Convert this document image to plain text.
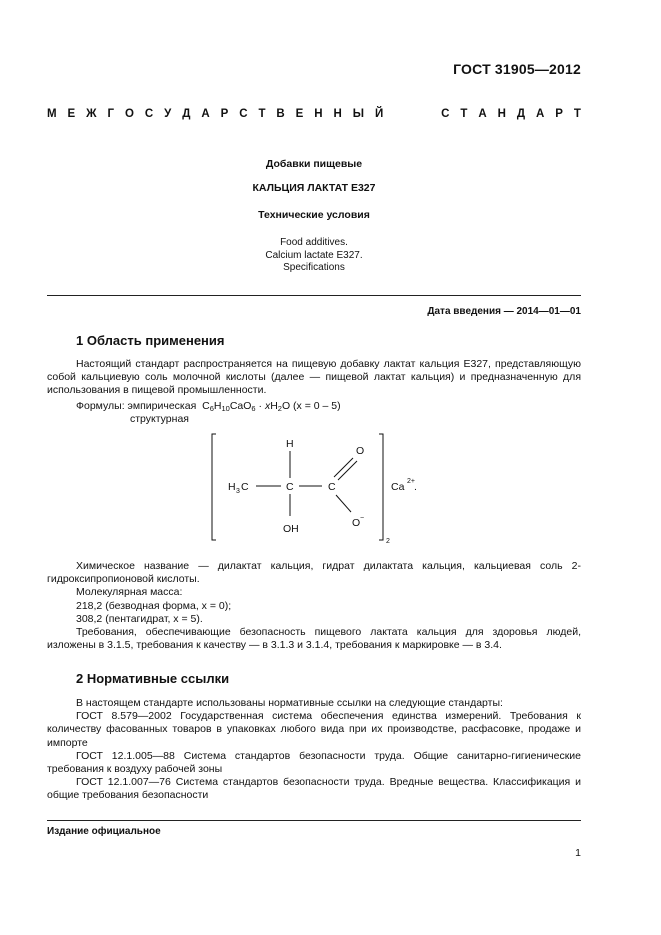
ГОСТ 31905—2012
М Е Ж Г О С У Д А Р С Т В Е Н Н Ы Й	С Т А Н Д А Р Т
Добавки пищевые
КАЛЬЦИЯ ЛАКТАТ Е327
Технические условия
Food additives.
Calcium lactate E327.
Specifications
Дата введения — 2014—01—01
1 Область применения

Настоящий стандарт распространяется на пищевую добавку лактат кальция Е327, представляющую собой кальциевую соль молочной кислоты (далее — пищевой лактат кальция) и предназначенную для использования в пищевой промышленности.

Формулы: эмпирическая $C_6H_{10}CaO_6 \cdot xH_2O$ (x = 0 – 5)
структурная
2
H 3 C	C
H
OH
C
O
O −
Ca 2+ .

Химическое название — дилактат кальция, гидрат дилактата кальция, кальциевая соль 2-гидроксипропионовой кислоты.

Молекулярная масса:

218,2 (безводная форма, x = 0);

308,2 (пентагидрат, x = 5).

Требования, обеспечивающие безопасность пищевого лактата кальция для здоровья людей, изложены в 3.1.5, требования к качеству — в 3.1.3 и 3.1.4, требования к маркировке — в 3.4.

2 Нормативные ссылки

В настоящем стандарте использованы нормативные ссылки на следующие стандарты:

ГОСТ 8.579—2002 Государственная система обеспечения единства измерений. Требования к количеству фасованных товаров в упаковках любого вида при их производстве, расфасовке, продаже и импорте

ГОСТ 12.1.005—88 Система стандартов безопасности труда. Общие санитарно-гигиенические требования к воздуху рабочей зоны

ГОСТ 12.1.007—76 Система стандартов безопасности труда. Вредные вещества. Классификация и общие требования безопасности

Издание официальное
1
